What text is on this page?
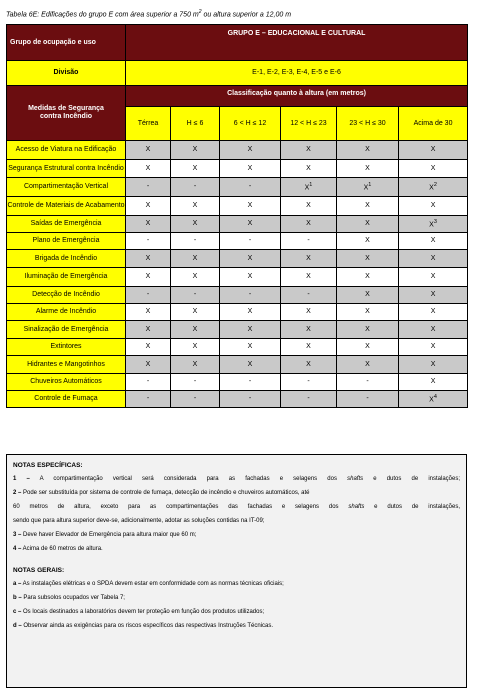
Tabela 6E: Edificações do grupo E com área superior a 750 $m^2$ ou altura superior a 12,00 m
Grupo de ocupação e uso	GRUPO E – EDUCACIONAL E CULTURAL					
Divisão	E-1, E-2, E-3, E-4, E-5 e E-6					
Medidas de Segurança contra Incêndio	Classificação quanto à altura (em metros)					
	Térrea	H ≤ 6	6 < H ≤ 12	12 < H ≤ 23	23 < H ≤ 30	Acima de 30
Acesso de Viatura na Edificação	X	X	X	X	X	X
Segurança Estrutural contra Incêndio	X	X	X	X	X	X
Compartimentação Vertical	-	-	-	$X^1$	$X^1$	$X^2$
Controle de Materiais de Acabamento	X	X	X	X	X	X
Saídas de Emergência	X	X	X	X	X	$X^3$
Plano de Emergência	-	-	-	-	X	X
Brigada de Incêndio	X	X	X	X	X	X
Iluminação de Emergência	X	X	X	X	X	X
Detecção de Incêndio	-	-	-	-	X	X
Alarme de Incêndio	X	X	X	X	X	X
Sinalização de Emergência	X	X	X	X	X	X
Extintores	X	X	X	X	X	X
Hidrantes e Mangotinhos	X	X	X	X	X	X
Chuveiros Automáticos	-	-	-	-	-	X
Controle de Fumaça	-	-	-	-	-	$X^4$
NOTAS ESPECÍFICAS:
1 – A compartimentação vertical será considerada para as fachadas e selagens dos shafts e dutos de instalações;
2 – Pode ser substituída por sistema de controle de fumaça, detecção de incêndio e chuveiros automáticos, até
60 metros de altura, exceto para as compartimentações das fachadas e selagens dos shafts e dutos de instalações,
sendo que para altura superior deve-se, adicionalmente, adotar as soluções contidas na IT-09;
3 – Deve haver Elevador de Emergência para altura maior que 60 m;
4 – Acima de 60 metros de altura.
NOTAS GERAIS:
a – As instalações elétricas e o SPDA devem estar em conformidade com as normas técnicas oficiais;
b – Para subsolos ocupados ver Tabela 7;
c – Os locais destinados a laboratórios devem ter proteção em função dos produtos utilizados;
d – Observar ainda as exigências para os riscos específicos das respectivas Instruções Técnicas.
